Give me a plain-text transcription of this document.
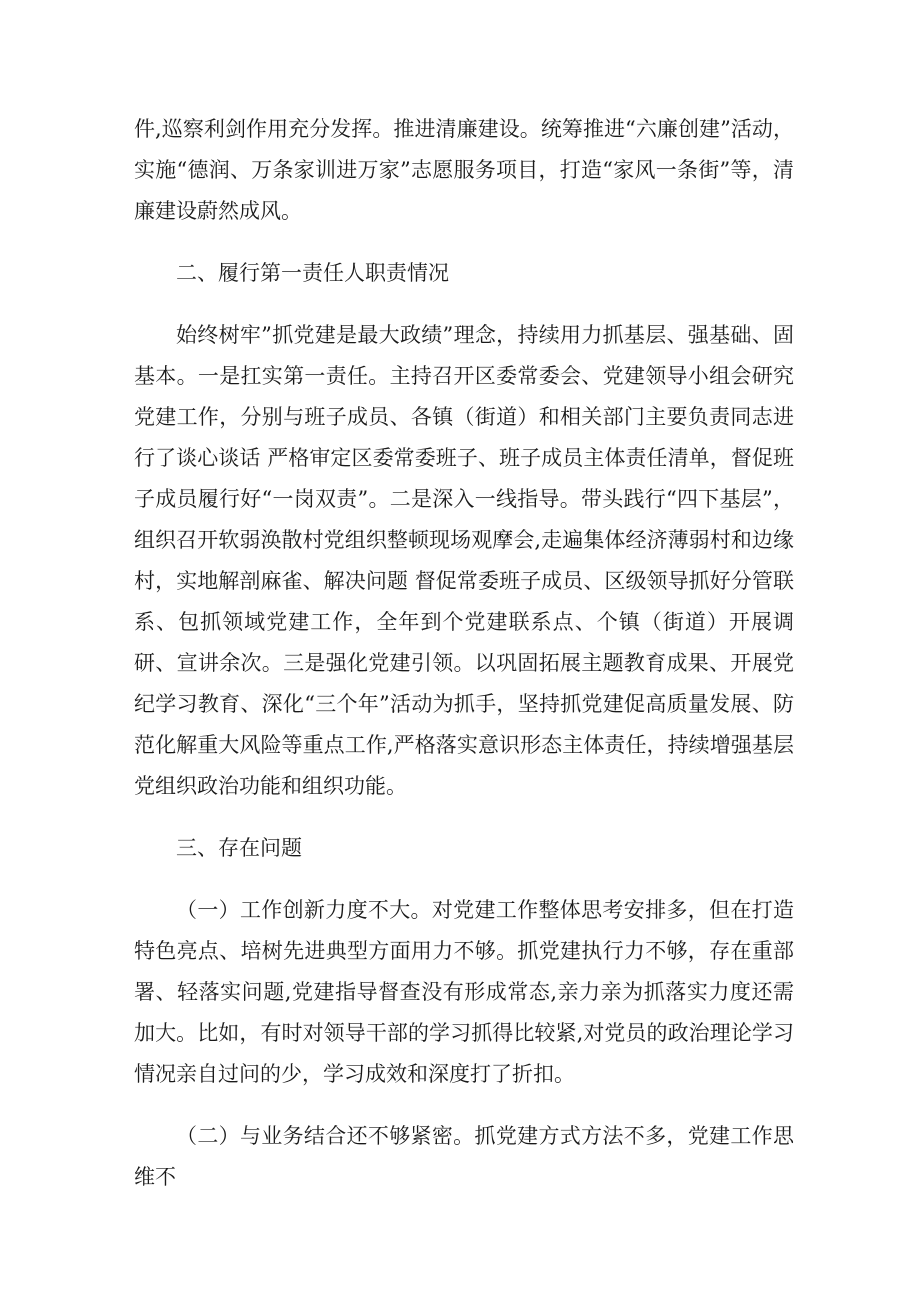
件,巡察利剑作用充分发挥。推进清廉建设。统筹推进“六廉创建”活动，实施“德润、万条家训进万家”志愿服务项目，打造“家风一条街”等，清廉建设蔚然成风。

二、履行第一责任人职责情况

始终树牢”抓党建是最大政绩”理念，持续用力抓基层、强基础、固基本。一是扛实第一责任。主持召开区委常委会、党建领导小组会研究党建工作，分别与班子成员、各镇（街道）和相关部门主要负责同志进行了谈心谈话 严格审定区委常委班子、班子成员主体责任清单，督促班子成员履行好“一岗双责”。二是深入一线指导。带头践行“四下基层”，组织召开软弱涣散村党组织整顿现场观摩会,走遍集体经济薄弱村和边缘村，实地解剖麻雀、解决问题 督促常委班子成员、区级领导抓好分管联系、包抓领域党建工作，全年到个党建联系点、个镇（街道）开展调研、宣讲余次。三是强化党建引领。以巩固拓展主题教育成果、开展党纪学习教育、深化“三个年”活动为抓手，坚持抓党建促高质量发展、防范化解重大风险等重点工作,严格落实意识形态主体责任，持续增强基层党组织政治功能和组织功能。

三、存在问题

（一）工作创新力度不大。对党建工作整体思考安排多，但在打造特色亮点、培树先进典型方面用力不够。抓党建执行力不够，存在重部署、轻落实问题,党建指导督查没有形成常态,亲力亲为抓落实力度还需加大。比如，有时对领导干部的学习抓得比较紧,对党员的政治理论学习情况亲自过问的少，学习成效和深度打了折扣。

（二）与业务结合还不够紧密。抓党建方式方法不多，党建工作思维不
